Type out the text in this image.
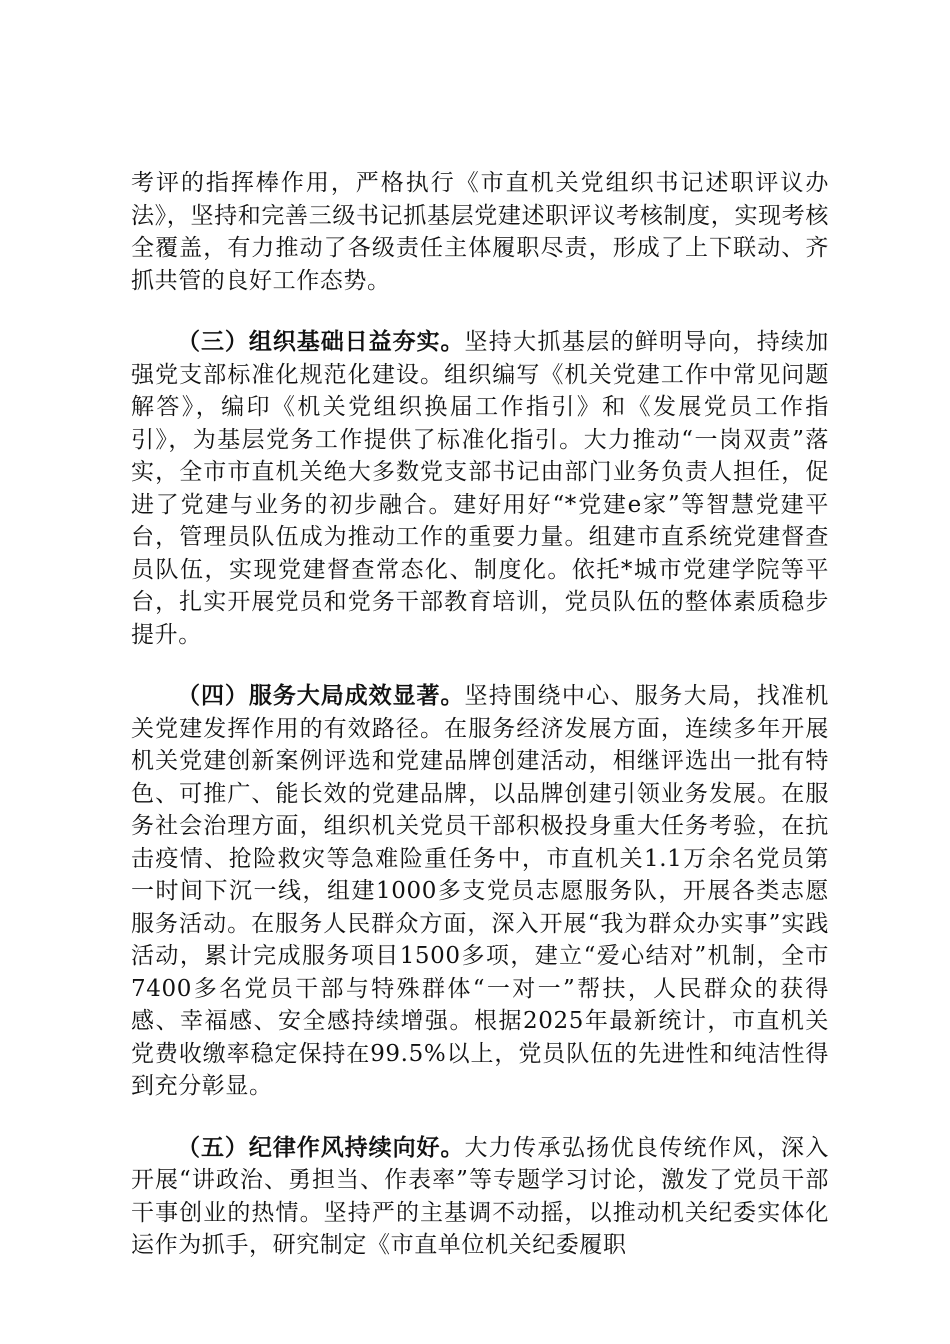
考评的指挥棒作用，严格执行《市直机关党组织书记述职评议办法》，坚持和完善三级书记抓基层党建述职评议考核制度，实现考核全覆盖，有力推动了各级责任主体履职尽责，形成了上下联动、齐抓共管的良好工作态势。

（三）组织基础日益夯实。坚持大抓基层的鲜明导向，持续加强党支部标准化规范化建设。组织编写《机关党建工作中常见问题解答》，编印《机关党组织换届工作指引》和《发展党员工作指引》，为基层党务工作提供了标准化指引。大力推动“一岗双责”落实，全市市直机关绝大多数党支部书记由部门业务负责人担任，促进了党建与业务的初步融合。建好用好“*党建e家”等智慧党建平台，管理员队伍成为推动工作的重要力量。组建市直系统党建督查员队伍，实现党建督查常态化、制度化。依托*城市党建学院等平台，扎实开展党员和党务干部教育培训，党员队伍的整体素质稳步提升。

（四）服务大局成效显著。坚持围绕中心、服务大局，找准机关党建发挥作用的有效路径。在服务经济发展方面，连续多年开展机关党建创新案例评选和党建品牌创建活动，相继评选出一批有特色、可推广、能长效的党建品牌，以品牌创建引领业务发展。在服务社会治理方面，组织机关党员干部积极投身重大任务考验，在抗击疫情、抢险救灾等急难险重任务中，市直机关1.1万余名党员第一时间下沉一线，组建1000多支党员志愿服务队，开展各类志愿服务活动。在服务人民群众方面，深入开展“我为群众办实事”实践活动，累计完成服务项目1500多项，建立“爱心结对”机制，全市7400多名党员干部与特殊群体“一对一”帮扶，人民群众的获得感、幸福感、安全感持续增强。根据2025年最新统计，市直机关党费收缴率稳定保持在99.5%以上，党员队伍的先进性和纯洁性得到充分彰显。

（五）纪律作风持续向好。大力传承弘扬优良传统作风，深入开展“讲政治、勇担当、作表率”等专题学习讨论，激发了党员干部干事创业的热情。坚持严的主基调不动摇，以推动机关纪委实体化运作为抓手，研究制定《市直单位机关纪委履职
